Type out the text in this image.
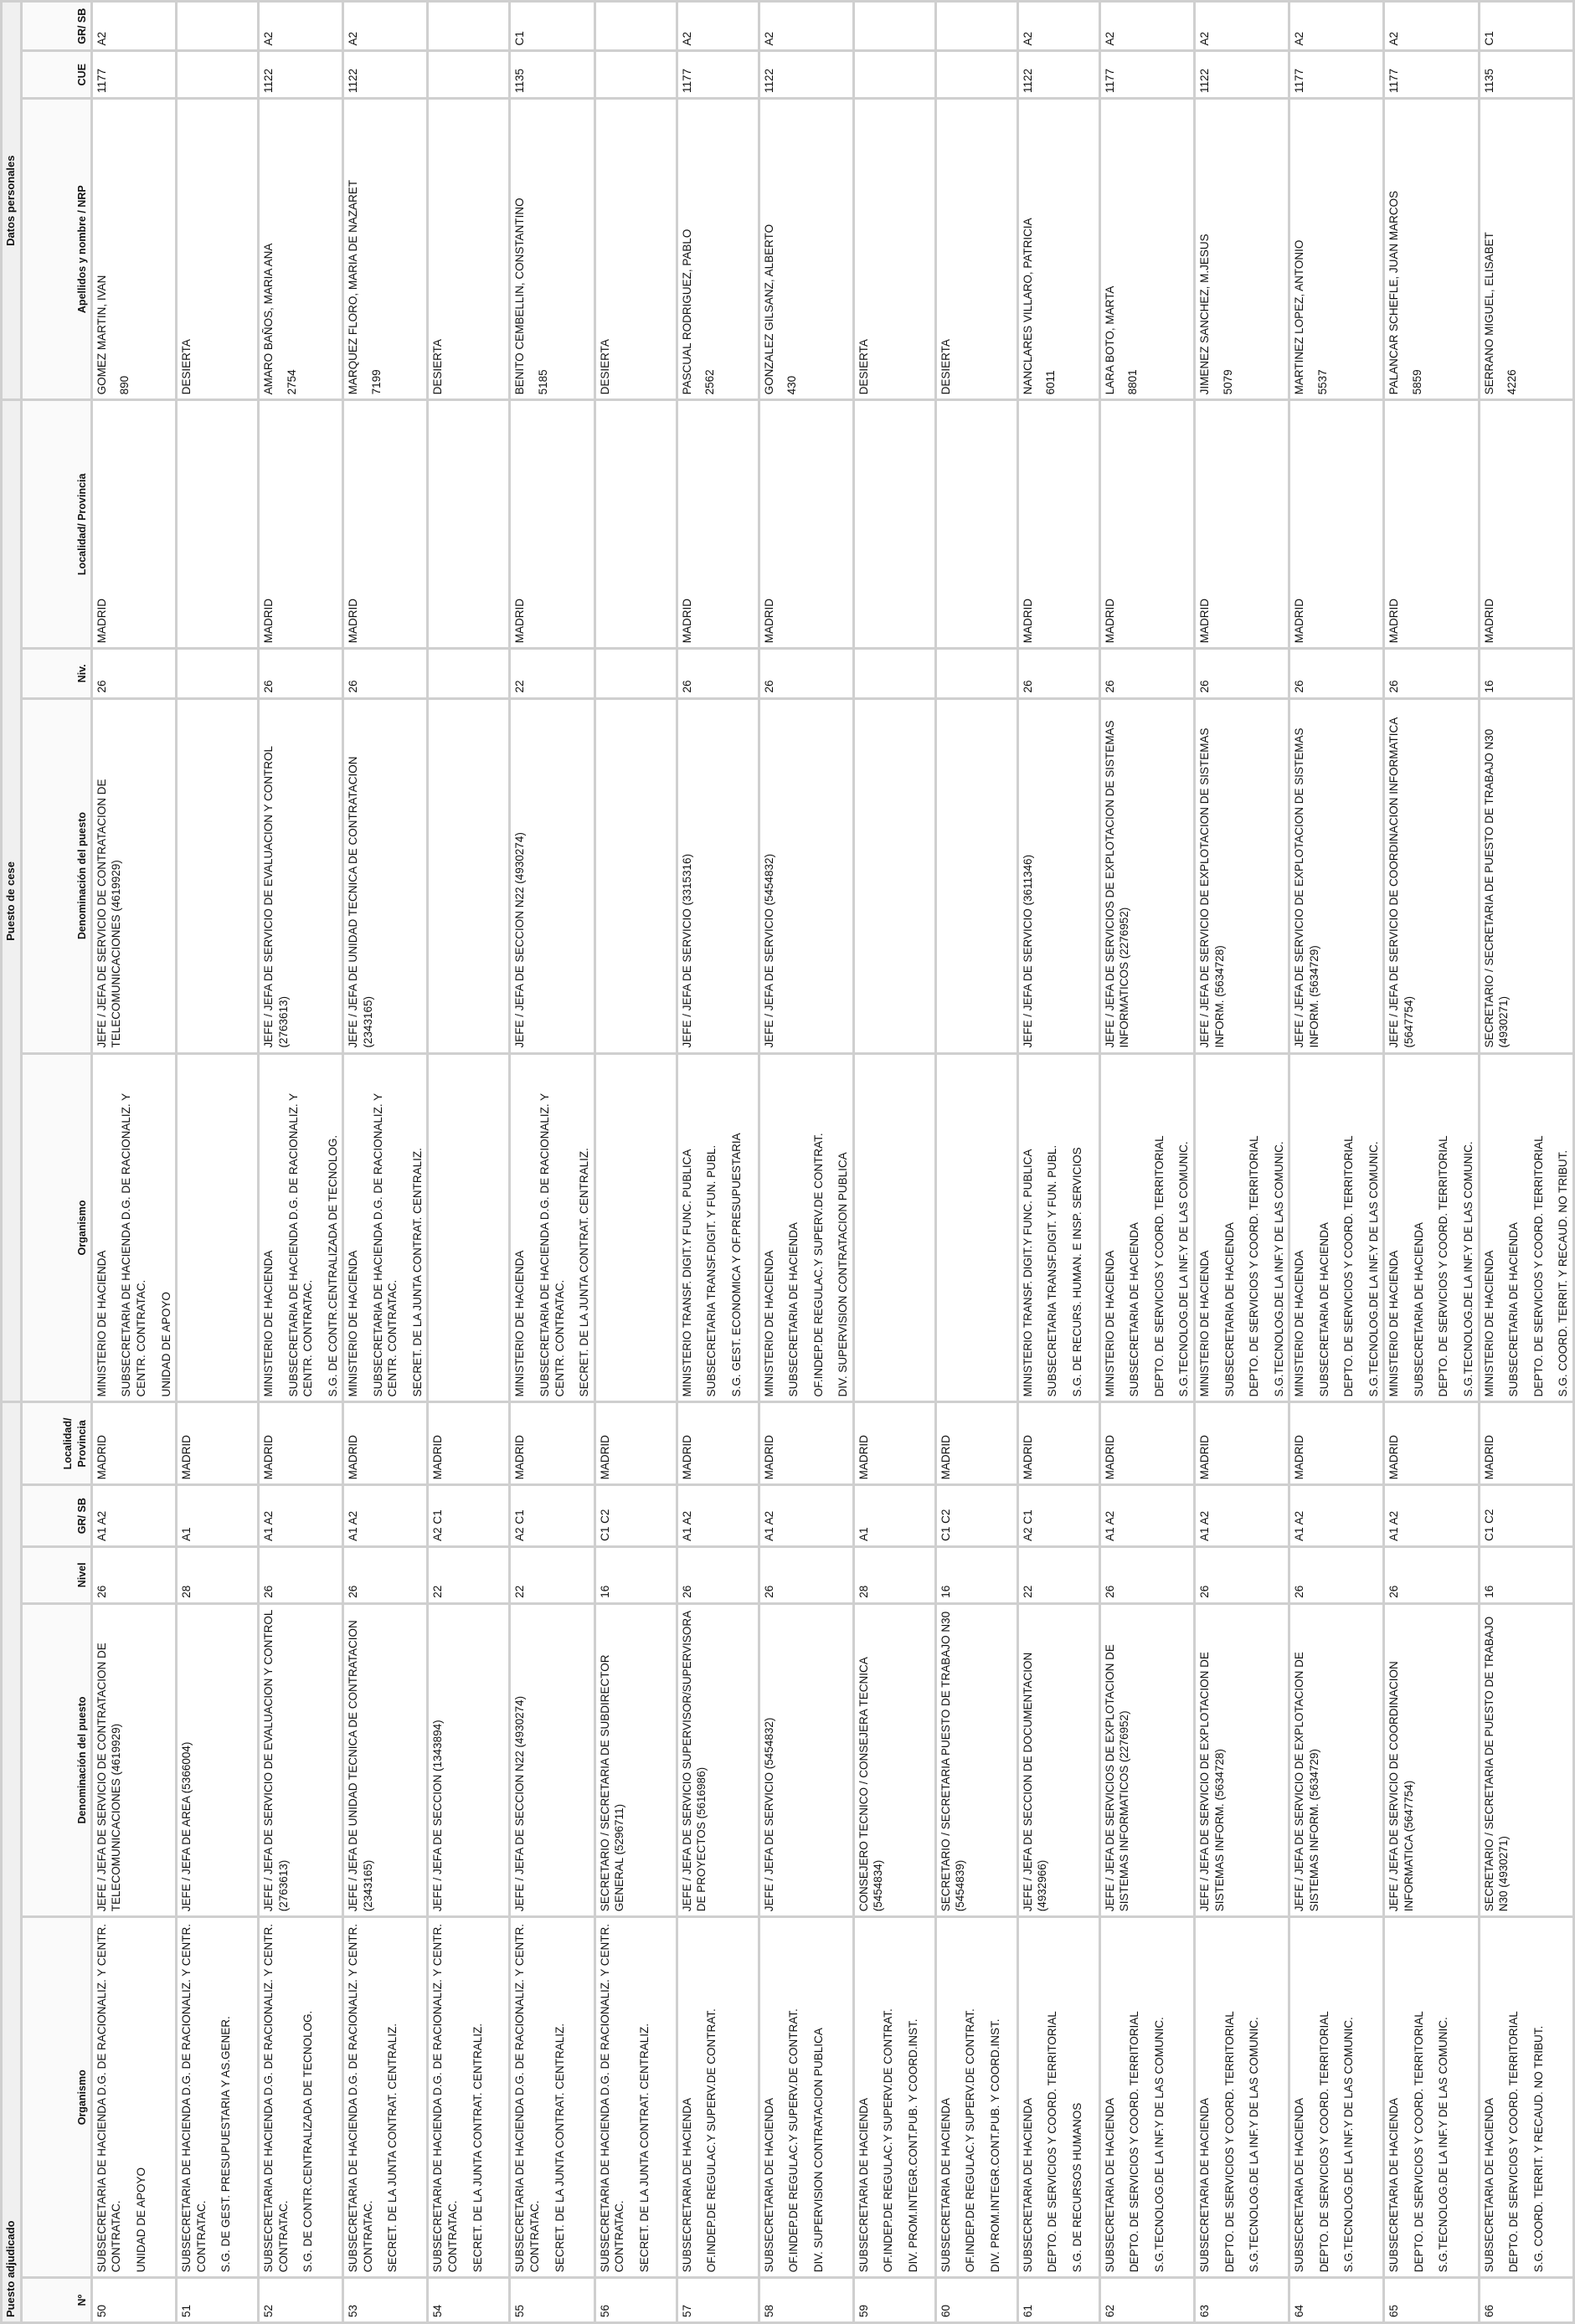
Puesto adjudicado						Puesto de cese				Datos personales		
Nº	Organismo	Denominación del puesto	Nivel	GR/ SB	Localidad/ Provincia	Organismo	Denominación del puesto	Niv.	Localidad/ Provincia	Apellidos y nombre / NRP	CUE	GR/ SB
50	SUBSECRETARIA DE HACIENDA D.G. DE RACIONALIZ. Y CENTR. CONTRATAC. UNIDAD DE APOYO	JEFE / JEFA DE SERVICIO DE CONTRATACION DE TELECOMUNICACIONES (4619929)	26	A1 A2	MADRID	MINISTERIO DE HACIENDA SUBSECRETARIA DE HACIENDA D.G. DE RACIONALIZ. Y CENTR. CONTRATAC. UNIDAD DE APOYO	JEFE / JEFA DE SERVICIO DE CONTRATACION DE TELECOMUNICACIONES (4619929)	26	MADRID	GOMEZ MARTIN, IVAN 890	1177	A2
51	SUBSECRETARIA DE HACIENDA D.G. DE RACIONALIZ. Y CENTR. CONTRATAC. S.G. DE GEST. PRESUPUESTARIA Y AS.GENER.	JEFE / JEFA DE AREA (5366004)	28	A1	MADRID					DESIERTA		

52	SUBSECRETARIA DE HACIENDA D.G. DE RACIONALIZ. Y CENTR. CONTRATAC. S.G. DE CONTR.CENTRALIZADA DE TECNOLOG.	JEFE / JEFA DE SERVICIO DE EVALUACION Y CONTROL (2763613)	26	A1 A2	MADRID	MINISTERIO DE HACIENDA SUBSECRETARIA DE HACIENDA D.G. DE RACIONALIZ. Y CENTR. CONTRATAC. S.G. DE CONTR.CENTRALIZADA DE TECNOLOG.	JEFE / JEFA DE SERVICIO DE EVALUACION Y CONTROL (2763613)	26	MADRID	AMARO BAÑOS, MARIA ANA 2754	1122	A2
53	SUBSECRETARIA DE HACIENDA D.G. DE RACIONALIZ. Y CENTR. CONTRATAC. SECRET. DE LA JUNTA CONTRAT. CENTRALIZ.	JEFE / JEFA DE UNIDAD TECNICA DE CONTRATACION (2343165)	26	A1 A2	MADRID	MINISTERIO DE HACIENDA SUBSECRETARIA DE HACIENDA D.G. DE RACIONALIZ. Y CENTR. CONTRATAC. SECRET. DE LA JUNTA CONTRAT. CENTRALIZ.	JEFE / JEFA DE UNIDAD TECNICA DE CONTRATACION (2343165)	26	MADRID	MARQUEZ FLORO, MARIA DE NAZARET 7199	1122	A2
54	SUBSECRETARIA DE HACIENDA D.G. DE RACIONALIZ. Y CENTR. CONTRATAC. SECRET. DE LA JUNTA CONTRAT. CENTRALIZ.	JEFE / JEFA DE SECCION (1343894)	22	A2 C1	MADRID					DESIERTA		

55	SUBSECRETARIA DE HACIENDA D.G. DE RACIONALIZ. Y CENTR. CONTRATAC. SECRET. DE LA JUNTA CONTRAT. CENTRALIZ.	JEFE / JEFA DE SECCION N22 (4930274)	22	A2 C1	MADRID	MINISTERIO DE HACIENDA SUBSECRETARIA DE HACIENDA D.G. DE RACIONALIZ. Y CENTR. CONTRATAC. SECRET. DE LA JUNTA CONTRAT. CENTRALIZ.	JEFE / JEFA DE SECCION N22 (4930274)	22	MADRID	BENITO CEMBELLIN, CONSTANTINO 5185	1135	C1
56	SUBSECRETARIA DE HACIENDA D.G. DE RACIONALIZ. Y CENTR. CONTRATAC. SECRET. DE LA JUNTA CONTRAT. CENTRALIZ.	SECRETARIO / SECRETARIA DE SUBDIRECTOR GENERAL (5296711)	16	C1 C2	MADRID					DESIERTA		

57	SUBSECRETARIA DE HACIENDA OF.INDEP.DE REGULAC.Y SUPERV.DE CONTRAT.	JEFE / JEFA DE SERVICIO SUPERVISOR/SUPERVISORA DE PROYECTOS (5616986)	26	A1 A2	MADRID	MINISTERIO TRANSF. DIGIT.Y FUNC. PUBLICA SUBSECRETARIA TRANSF.DIGIT. Y FUN. PUBL. S.G. GEST. ECONOMICA Y OF.PRESUPUESTARIA	JEFE / JEFA DE SERVICIO (3315316)	26	MADRID	PASCUAL RODRIGUEZ, PABLO 2562	1177	A2
58	SUBSECRETARIA DE HACIENDA OF.INDEP.DE REGULAC.Y SUPERV.DE CONTRAT. DIV. SUPERVISION CONTRATACION PUBLICA	JEFE / JEFA DE SERVICIO (5454832)	26	A1 A2	MADRID	MINISTERIO DE HACIENDA SUBSECRETARIA DE HACIENDA OF.INDEP.DE REGULAC.Y SUPERV.DE CONTRAT. DIV. SUPERVISION CONTRATACION PUBLICA	JEFE / JEFA DE SERVICIO (5454832)	26	MADRID	GONZALEZ GILSANZ, ALBERTO 430	1122	A2
59	SUBSECRETARIA DE HACIENDA OF.INDEP.DE REGULAC.Y SUPERV.DE CONTRAT. DIV. PROM.INTEGR.CONT.PUB. Y COORD.INST.	CONSEJERO TECNICO / CONSEJERA TECNICA (5454834)	28	A1	MADRID					DESIERTA		

60	SUBSECRETARIA DE HACIENDA OF.INDEP.DE REGULAC.Y SUPERV.DE CONTRAT. DIV. PROM.INTEGR.CONT.PUB. Y COORD.INST.	SECRETARIO / SECRETARIA PUESTO DE TRABAJO N30 (5454839)	16	C1 C2	MADRID					DESIERTA		

61	SUBSECRETARIA DE HACIENDA DEPTO. DE SERVICIOS Y COORD. TERRITORIAL S.G. DE RECURSOS HUMANOS	JEFE / JEFA DE SECCION DE DOCUMENTACION (4932966)	22	A2 C1	MADRID	MINISTERIO TRANSF. DIGIT.Y FUNC. PUBLICA SUBSECRETARIA TRANSF.DIGIT. Y FUN. PUBL. S.G. DE RECURS. HUMAN. E INSP. SERVICIOS	JEFE / JEFA DE SERVICIO (3611346)	26	MADRID	NANCLARES VILLARO, PATRICIA 6011	1122	A2
62	SUBSECRETARIA DE HACIENDA DEPTO. DE SERVICIOS Y COORD. TERRITORIAL S.G.TECNOLOG.DE LA INF.Y DE LAS COMUNIC.	JEFE / JEFA DE SERVICIOS DE EXPLOTACION DE SISTEMAS INFORMATICOS (2276952)	26	A1 A2	MADRID	MINISTERIO DE HACIENDA SUBSECRETARIA DE HACIENDA DEPTO. DE SERVICIOS Y COORD. TERRITORIAL S.G.TECNOLOG.DE LA INF.Y DE LAS COMUNIC.	JEFE / JEFA DE SERVICIOS DE EXPLOTACION DE SISTEMAS INFORMATICOS (2276952)	26	MADRID	LARA BOTO, MARTA 8801	1177	A2
63	SUBSECRETARIA DE HACIENDA DEPTO. DE SERVICIOS Y COORD. TERRITORIAL S.G.TECNOLOG.DE LA INF.Y DE LAS COMUNIC.	JEFE / JEFA DE SERVICIO DE EXPLOTACION DE SISTEMAS INFORM. (5634728)	26	A1 A2	MADRID	MINISTERIO DE HACIENDA SUBSECRETARIA DE HACIENDA DEPTO. DE SERVICIOS Y COORD. TERRITORIAL S.G.TECNOLOG.DE LA INF.Y DE LAS COMUNIC.	JEFE / JEFA DE SERVICIO DE EXPLOTACION DE SISTEMAS INFORM. (5634728)	26	MADRID	JIMENEZ SANCHEZ, M.JESUS 5079	1122	A2
64	SUBSECRETARIA DE HACIENDA DEPTO. DE SERVICIOS Y COORD. TERRITORIAL S.G.TECNOLOG.DE LA INF.Y DE LAS COMUNIC.	JEFE / JEFA DE SERVICIO DE EXPLOTACION DE SISTEMAS INFORM. (5634729)	26	A1 A2	MADRID	MINISTERIO DE HACIENDA SUBSECRETARIA DE HACIENDA DEPTO. DE SERVICIOS Y COORD. TERRITORIAL S.G.TECNOLOG.DE LA INF.Y DE LAS COMUNIC.	JEFE / JEFA DE SERVICIO DE EXPLOTACION DE SISTEMAS INFORM. (5634729)	26	MADRID	MARTINEZ LOPEZ, ANTONIO 5537	1177	A2
65	SUBSECRETARIA DE HACIENDA DEPTO. DE SERVICIOS Y COORD. TERRITORIAL S.G.TECNOLOG.DE LA INF.Y DE LAS COMUNIC.	JEFE / JEFA DE SERVICIO DE COORDINACION INFORMATICA (5647754)	26	A1 A2	MADRID	MINISTERIO DE HACIENDA SUBSECRETARIA DE HACIENDA DEPTO. DE SERVICIOS Y COORD. TERRITORIAL S.G.TECNOLOG.DE LA INF.Y DE LAS COMUNIC.	JEFE / JEFA DE SERVICIO DE COORDINACION INFORMATICA (5647754)	26	MADRID	PALANCAR SCHEFLE, JUAN MARCOS 5859	1177	A2
66	SUBSECRETARIA DE HACIENDA DEPTO. DE SERVICIOS Y COORD. TERRITORIAL S.G. COORD. TERRIT. Y RECAUD. NO TRIBUT.	SECRETARIO / SECRETARIA DE PUESTO DE TRABAJO N30 (4930271)	16	C1 C2	MADRID	MINISTERIO DE HACIENDA SUBSECRETARIA DE HACIENDA DEPTO. DE SERVICIOS Y COORD. TERRITORIAL S.G. COORD. TERRIT. Y RECAUD. NO TRIBUT.	SECRETARIO / SECRETARIA DE PUESTO DE TRABAJO N30 (4930271)	16	MADRID	SERRANO MIGUEL, ELISABET 4226	1135	C1
